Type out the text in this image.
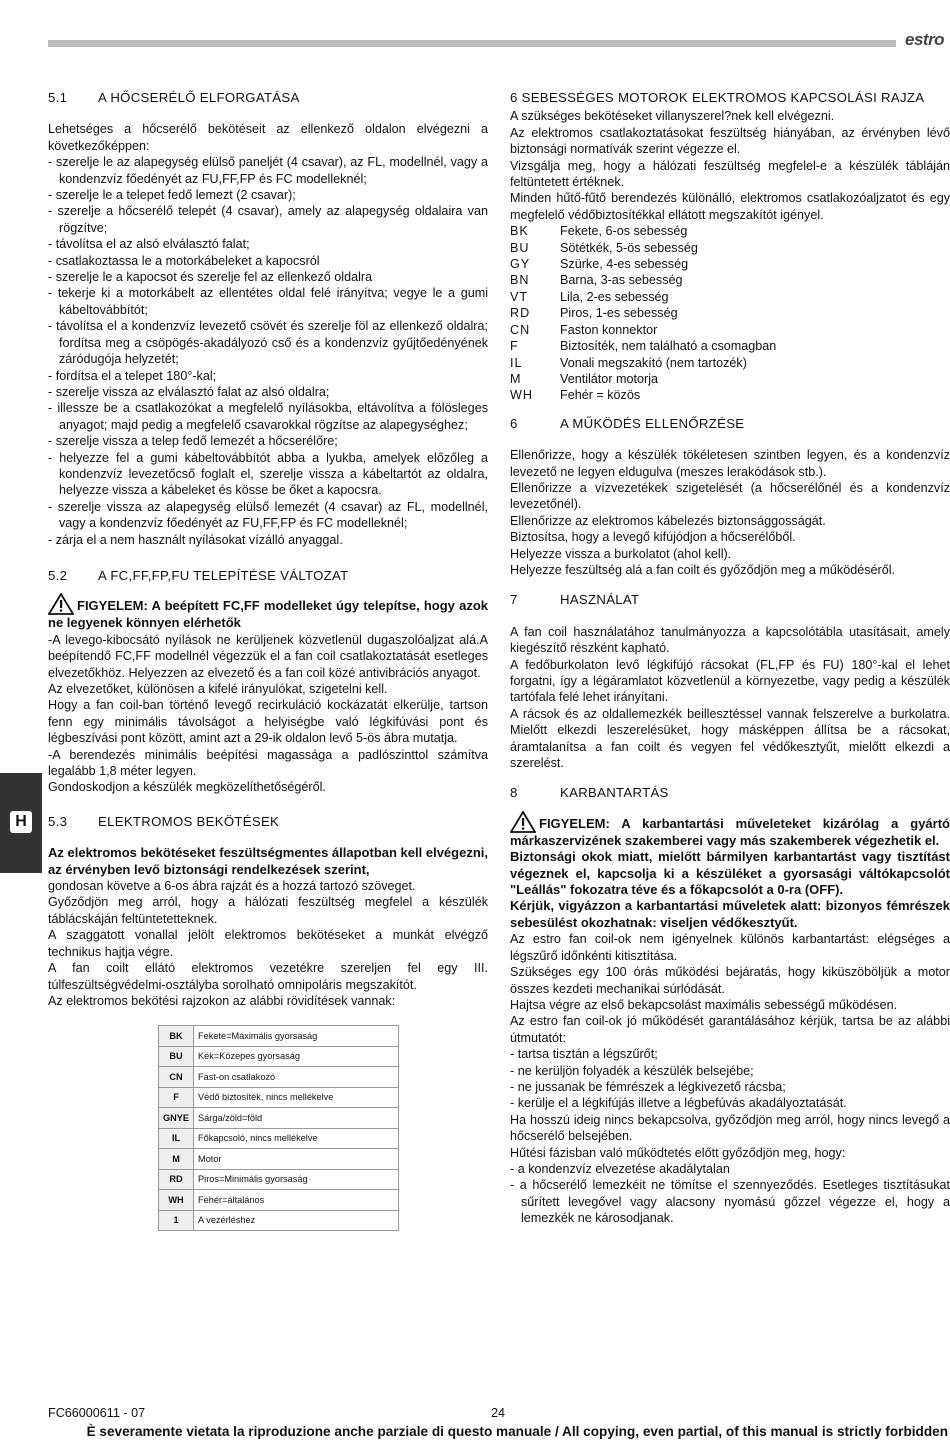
estro
H
5.1 A HŐCSERÉLŐ ELFORGATÁSA

Lehetséges a hőcserélő bekötéseit az ellenkező oldalon elvégezni a következőképpen:

- szerelje le az alapegység elülső paneljét (4 csavar), az FL, modellnél, vagy a kondenzvíz főedényét az FU,FF,FP és FC modelleknél;

- szerelje le a telepet fedő lemezt (2 csavar);

- szerelje a hőcserélő telepét (4 csavar), amely az alapegység oldalaira van rögzítve;

- távolítsa el az alsó elválasztó falat;

- csatlakoztassa le a motorkábeleket a kapocsról

- szerelje le a kapocsot és szerelje fel az ellenkező oldalra

- tekerje ki a motorkábelt az ellentétes oldal felé irányítva; vegye le a gumi kábeltovábbítót;

- távolítsa el a kondenzvíz levezető csövét és szerelje föl az ellenkező oldalra; fordítsa meg a csöpögés-akadályozó cső és a kondenzvíz gyűjtőedényének záródugója helyzetét;

- fordítsa el a telepet 180°-kal;

- szerelje vissza az elválasztó falat az alsó oldalra;

- illessze be a csatlakozókat a megfelelő nyílásokba, eltávolítva a fölösleges anyagot; majd pedig a megfelelő csavarokkal rögzítse az alapegységhez;

- szerelje vissza a telep fedő lemezét a hőcserélőre;

- helyezze fel a gumi kábeltovábbítót abba a lyukba, amelyek előzőleg a kondenzvíz levezetőcső foglalt el, szerelje vissza a kábeltartót az oldalra, helyezze vissza a kábeleket és kösse be őket a kapocsra.

- szerelje vissza az alapegység elülső lemezét (4 csavar) az FL, modellnél, vagy a kondenzvíz főedényét az FU,FF,FP és FC modelleknél;

- zárja el a nem használt nyílásokat vízálló anyaggal.

5.2 A FC,FF,FP,FU TELEPÍTÉSE VÁLTOZAT

FIGYELEM: A beépített FC,FF modelleket úgy telepítse, hogy azok ne legyenek könnyen elérhetők

-A levego-kibocsátó nyílások ne kerüljenek közvetlenül dugaszolóaljzat alá.A beépítendő FC,FF modellnél végezzük el a fan coil csatlakoztatását esetleges elvezetőkhöz. Helyezzen az elvezető és a fan coil közé antivibrációs anyagot.

Az elvezetőket, különösen a kifelé irányulókat, szigetelni kell.

Hogy a fan coil-ban történő levegő recirkuláció kockázatát elkerülje, tartson fenn egy minimális távolságot a helyiségbe való légkifúvási pont és légbeszívási pont között, amint azt a 29-ik oldalon levő 5-ös ábra mutatja.

-A berendezés minimális beépítési magassága a padlószinttol számítva legalább 1,8 méter legyen.

Gondoskodjon a készülék megközelíthetőségéről.

5.3 ELEKTROMOS BEKÖTÉSEK

Az elektromos bekötéseket feszültségmentes állapotban kell elvégezni, az érvényben levő biztonsági rendelkezések szerint,

gondosan követve a 6-os ábra rajzát és a hozzá tartozó szöveget.

Győződjön meg arról, hogy a hálózati feszültség megfelel a készülék táblácskáján feltüntetetteknek.

A szaggatott vonallal jelölt elektromos bekötéseket a munkát elvégző technikus hajtja végre.

A fan coilt ellátó elektromos vezetékre szereljen fel egy III. túlfeszültségvédelmi-osztályba sorolható omnipoláris megszakítót.

Az elektromos bekötési rajzokon az alábbi rövidítések vannak:

BK	Fekete=Maximális gyorsaság
BU	Kék=Közepes gyorsaság
CN	Fast-on csatlakozó
F	Védő biztosíték, nincs mellékelve
GNYE	Sárga/zöld=föld
IL	Főkapcsoló, nincs mellékelve
M	Motor
RD	Piros=Minimális gyorsaság
WH	Fehér=általános
1	A vezérléshez
6 SEBESSÉGES MOTOROK ELEKTROMOS KAPCSOLÁSI RAJZA

A szükséges bekötéseket villanyszerel?nek kell elvégezni.

Az elektromos csatlakoztatásokat feszültség hiányában, az érvényben lévő biztonsági normatívák szerint végezze el.

Vizsgálja meg, hogy a hálózati feszültség megfelel-e a készülék tábláján feltüntetett értéknek.

Minden hűtő-fűtő berendezés különálló, elektromos csatlakozóaljzatot és egy megfelelő védőbiztosítékkal ellátott megszakítót igényel.

BK	Fekete, 6-os sebesség
BU	Sötétkék, 5-ös sebesség
GY	Szürke, 4-es sebesség
BN	Barna, 3-as sebesség
VT	Lila, 2-es sebesség
RD	Piros, 1-es sebesség
CN	Faston konnektor
F	Biztosíték, nem található a csomagban
IL	Vonali megszakító (nem tartozék)
M	Ventilátor motorja
WH	Fehér = közös
6	A MŰKÖDÉS ELLENŐRZÉSE

Ellenőrizze, hogy a készülék tökéletesen szintben legyen, és a kondenzvíz levezető ne legyen eldugulva (meszes lerakódások stb.).

Ellenőrizze a vízvezetékek szigetelését (a hőcserélőnél és a kondenzvíz levezetőnél).

Ellenőrizze az elektromos kábelezés biztonsággosságát.

Biztosítsa, hogy a levegő kifújódjon a hőcserélőből.

Helyezze vissza a burkolatot (ahol kell).

Helyezze feszültség alá a fan coilt és győződjön meg a működéséről.

7	HASZNÁLAT

A fan coil használatához tanulmányozza a kapcsolótábla utasításait, amely kiegészítő részként kapható.

A fedőburkolaton levő légkifújó rácsokat (FL,FP és FU) 180°-kal el lehet forgatni, így a légáramlatot közvetlenül a környezetbe, vagy pedig a készülék tartófala felé lehet irányítani.

A rácsok és az oldallemezkék beillesztéssel vannak felszerelve a burkolatra. Mielőtt elkezdi leszerelésüket, hogy másképpen állítsa be a rácsokat, áramtalanítsa a fan coilt és vegyen fel védőkesztyűt, mielőtt elkezdi a szerelést.

8	KARBANTARTÁS

FIGYELEM: A karbantartási műveleteket kizárólag a gyártó márkaszervizének szakemberei vagy más szakemberek végezhetik el.

Biztonsági okok miatt, mielőtt bármilyen karbantartást vagy tisztítást végeznek el, kapcsolja ki a készüléket a gyorsasági váltókapcsolót "Leállás" fokozatra téve és a főkapcsolót a 0-ra (OFF).

Kérjük, vigyázzon a karbantartási műveletek alatt: bizonyos fémrészek sebesülést okozhatnak: viseljen védőkesztyűt.

Az estro fan coil-ok nem igényelnek különös karbantartást: elégséges a légszűrő időnkénti kitisztítása.

Szükséges egy 100 órás működési bejáratás, hogy kiküszöböljük a motor összes kezdeti mechanikai súrlódását.

Hajtsa végre az első bekapcsolást maximális sebességű működésen.

Az estro fan coil-ok jó működését garantálásához kérjük, tartsa be az alábbi útmutatót:

- tartsa tisztán a légszűrőt;

- ne kerüljön folyadék a készülék belsejébe;

- ne jussanak be fémrészek a légkivezető rácsba;

- kerülje el a légkifújás illetve a légbefúvás akadályoztatását.

Ha hosszú ideig nincs bekapcsolva, győződjön meg arról, hogy nincs levegő a hőcserélő belsejében.

Hűtési fázisban való működtetés előtt győződjön meg, hogy:

- a kondenzvíz elvezetése akadálytalan

- a hőcserélő lemezkéit ne tömítse el szennyeződés. Esetleges tisztításukat sűrített levegővel vagy alacsony nyomású gőzzel végezze el, hogy a lemezkék ne károsodjanak.

FC66000611 - 07	24
È severamente vietata la riproduzione anche parziale di questo manuale / All copying, even partial, of this manual is strictly forbidden
